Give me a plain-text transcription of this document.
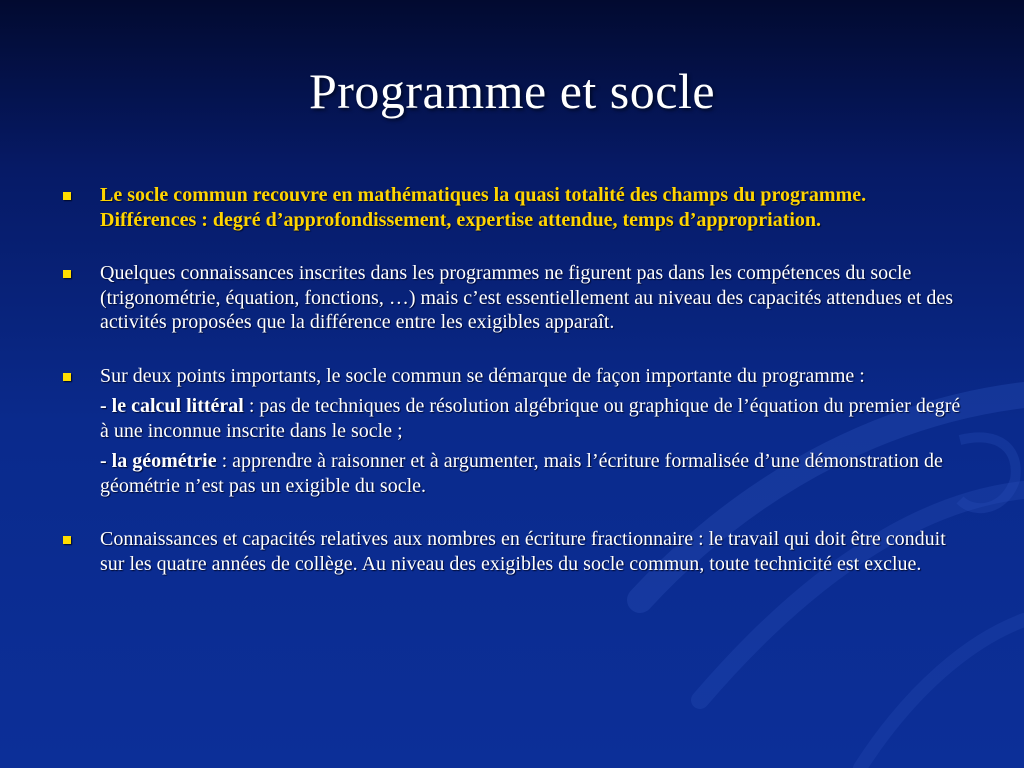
Programme et socle
Le socle commun recouvre en mathématiques la quasi totalité des champs du programme. Différences : degré d’approfondissement, expertise attendue, temps d’appropriation.
Quelques connaissances inscrites dans les programmes ne figurent pas dans les compétences du socle (trigonométrie, équation, fonctions, …) mais c’est essentiellement au niveau des capacités attendues et des activités proposées que la différence entre les exigibles apparaît.
Sur deux points importants, le socle commun se démarque de façon importante du programme :
- le calcul littéral : pas de techniques de résolution algébrique ou graphique de l’équation du premier degré à une inconnue inscrite dans le socle ;
- la géométrie : apprendre à raisonner et à argumenter, mais l’écriture formalisée d’une démonstration de géométrie n’est pas un exigible du socle.
Connaissances et capacités relatives aux nombres en écriture fractionnaire : le travail qui doit être conduit sur les quatre années de collège. Au niveau des exigibles du socle commun, toute technicité est exclue.
